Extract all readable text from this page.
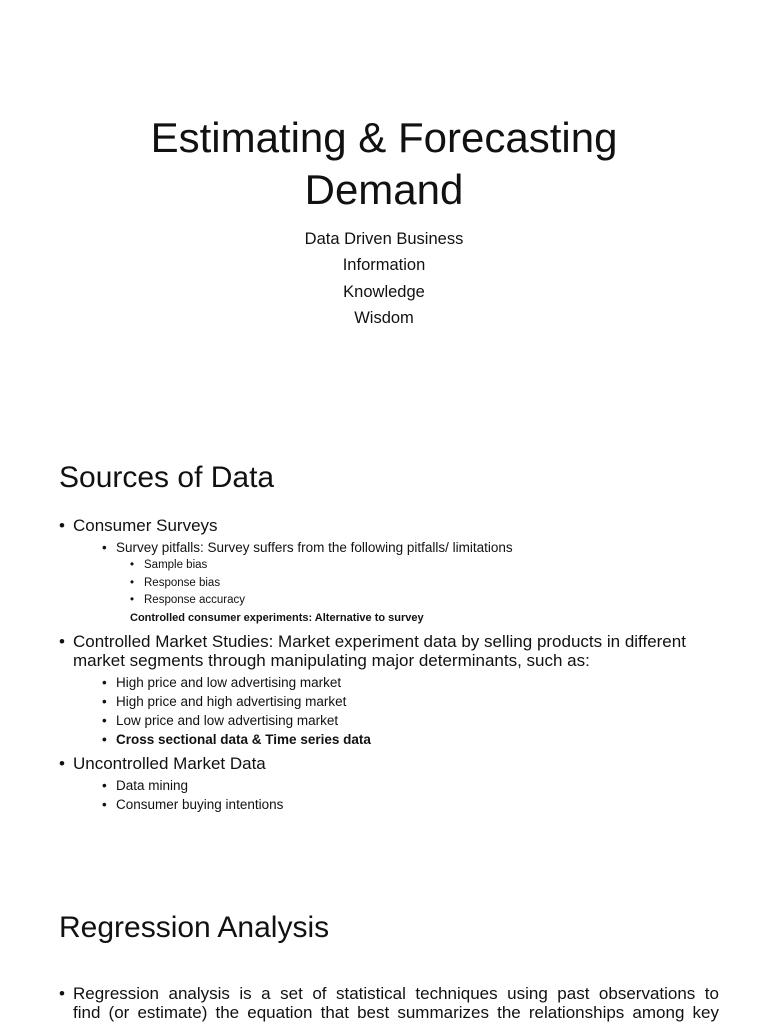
Estimating & Forecasting
Demand
Data Driven Business
Information
Knowledge
Wisdom
Sources of Data
• Consumer Surveys
• Survey pitfalls: Survey suffers from the following pitfalls/ limitations
• Sample bias
• Response bias
• Response accuracy
Controlled consumer experiments: Alternative to survey
• Controlled Market Studies: Market experiment data by selling products in different market segments through manipulating major determinants, such as:
• High price and low advertising market
• High price and high advertising market
• Low price and low advertising market
• Cross sectional data & Time series data
• Uncontrolled Market Data
• Data mining
• Consumer buying intentions
Regression Analysis
• Regression analysis is a set of statistical techniques using past observations to
find (or estimate) the equation that best summarizes the relationships among key
